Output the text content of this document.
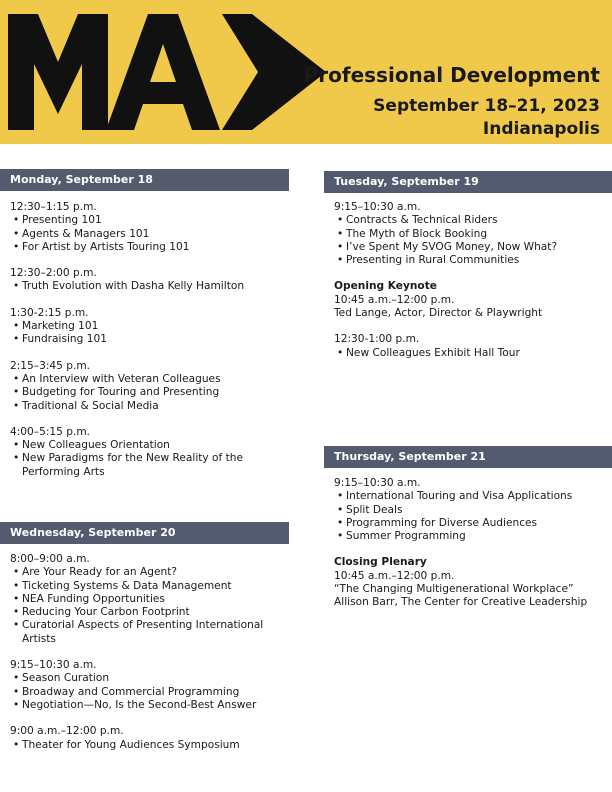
Professional Development
September 18–21, 2023
Indianapolis
Monday, September 18

12:30–1:15 p.m.

• Presenting 101

• Agents & Managers 101

• For Artist by Artists Touring 101

12:30–2:00 p.m.

• Truth Evolution with Dasha Kelly Hamilton

1:30-2:15 p.m.

• Marketing 101

• Fundraising 101

2:15–3:45 p.m.

• An Interview with Veteran Colleagues

• Budgeting for Touring and Presenting

• Traditional & Social Media

4:00–5:15 p.m.

• New Colleagues Orientation

• New Paradigms for the New Reality of the Performing Arts

Wednesday, September 20

8:00–9:00 a.m.

• Are Your Ready for an Agent?

• Ticketing Systems & Data Management

• NEA Funding Opportunities

• Reducing Your Carbon Footprint

• Curatorial Aspects of Presenting International Artists

9:15–10:30 a.m.

• Season Curation

• Broadway and Commercial Programming

• Negotiation—No, Is the Second-Best Answer

9:00 a.m.–12:00 p.m.

• Theater for Young Audiences Symposium

Tuesday, September 19

9:15–10:30 a.m.

• Contracts & Technical Riders

• The Myth of Block Booking

• I’ve Spent My SVOG Money, Now What?

• Presenting in Rural Communities

Opening Keynote

10:45 a.m.–12:00 p.m.

Ted Lange, Actor, Director & Playwright

12:30-1:00 p.m.

• New Colleagues Exhibit Hall Tour

Thursday, September 21

9:15–10:30 a.m.

• International Touring and Visa Applications

• Split Deals

• Programming for Diverse Audiences

• Summer Programming

Closing Plenary

10:45 a.m.–12:00 p.m.

“The Changing Multigenerational Workplace”

Allison Barr, The Center for Creative Leadership
